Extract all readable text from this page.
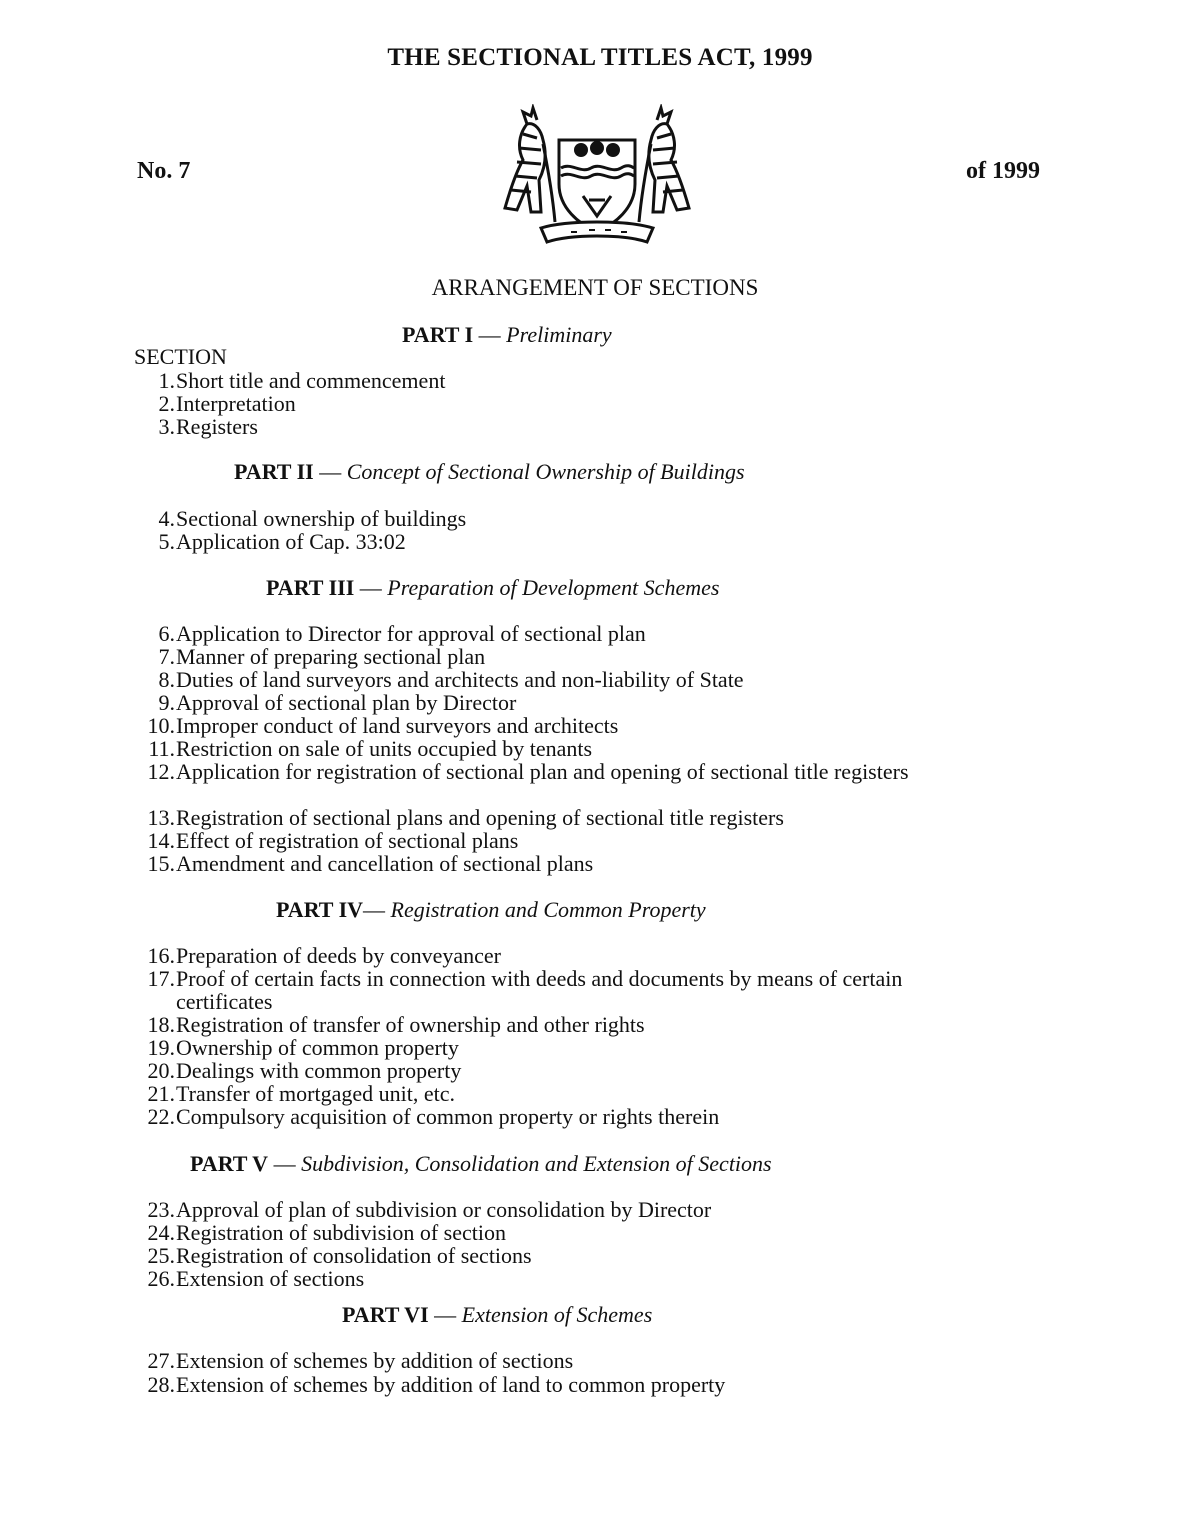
THE SECTIONAL TITLES ACT, 1999
No. 7	of 1999
ARRANGEMENT OF SECTIONS
SECTION
PART I — Preliminary
1. Short title and commencement
2. Interpretation
3. Registers
PART II — Concept of Sectional Ownership of Buildings
4. Sectional ownership of buildings
5. Application of Cap. 33:02
PART III — Preparation of Development Schemes
6. Application to Director for approval of sectional plan
7. Manner of preparing sectional plan
8. Duties of land surveyors and architects and non-liability of State
9. Approval of sectional plan by Director
10. Improper conduct of land surveyors and architects
11. Restriction on sale of units occupied by tenants
12. Application for registration of sectional plan and opening of sectional title registers
13. Registration of sectional plans and opening of sectional title registers
14. Effect of registration of sectional plans
15. Amendment and cancellation of sectional plans
PART IV— Registration and Common Property
16. Preparation of deeds by conveyancer
17. Proof of certain facts in connection with deeds and documents by means of certain certificates
18. Registration of transfer of ownership and other rights
19. Ownership of common property
20. Dealings with common property
21. Transfer of mortgaged unit, etc.
22. Compulsory acquisition of common property or rights therein
PART V — Subdivision, Consolidation and Extension of Sections
23. Approval of plan of subdivision or consolidation by Director
24. Registration of subdivision of section
25. Registration of consolidation of sections
26. Extension of sections
PART VI — Extension of Schemes
27. Extension of schemes by addition of sections
28. Extension of schemes by addition of land to common property
